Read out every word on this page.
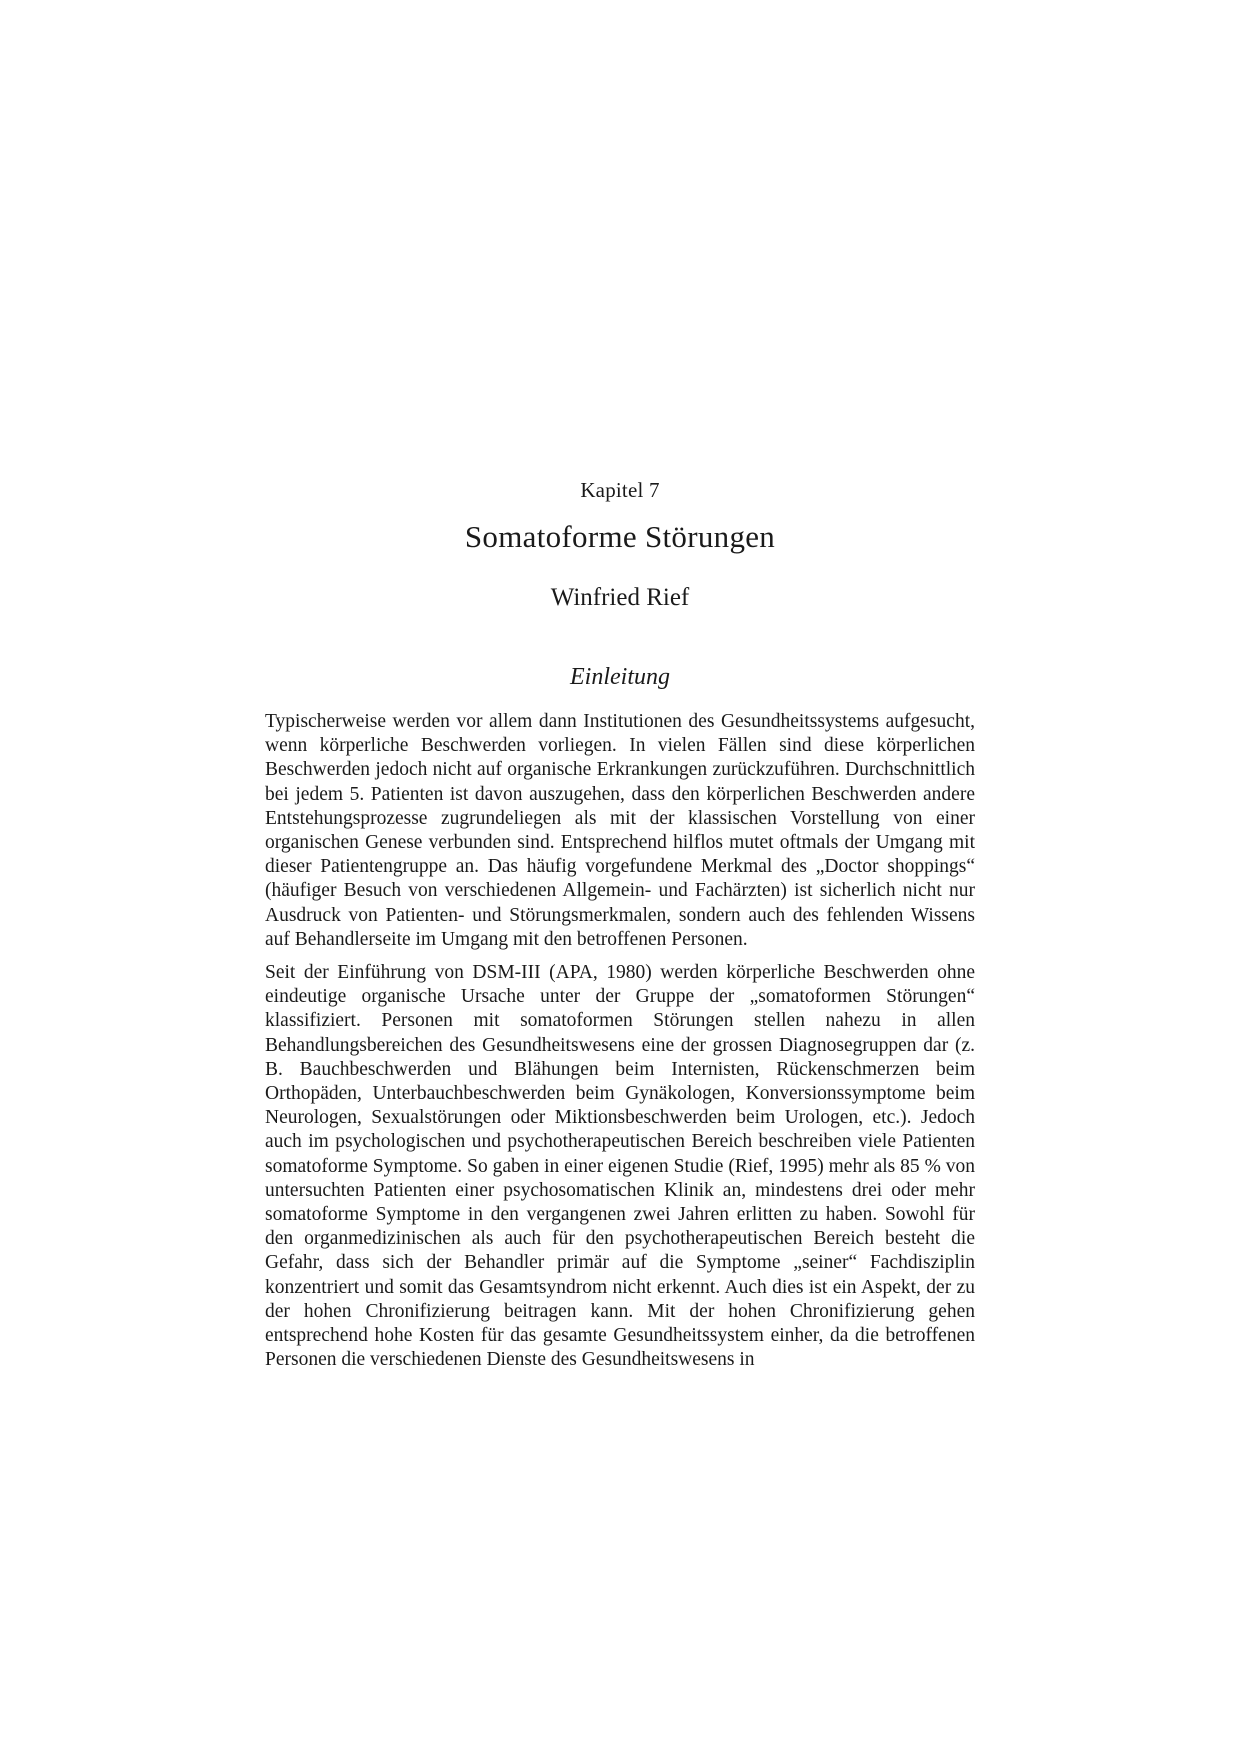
Kapitel 7
Somatoforme Störungen
Winfried Rief
Einleitung

Typischerweise werden vor allem dann Institutionen des Gesundheitssystems aufgesucht, wenn körperliche Beschwerden vorliegen. In vielen Fällen sind diese körperlichen Beschwerden jedoch nicht auf organische Erkrankungen zurückzuführen. Durchschnittlich bei jedem 5. Patienten ist davon auszugehen, dass den körperlichen Beschwerden andere Entstehungsprozesse zugrundeliegen als mit der klassischen Vorstellung von einer organischen Genese verbunden sind. Entsprechend hilflos mutet oftmals der Umgang mit dieser Patientengruppe an. Das häufig vorgefundene Merkmal des „Doctor shoppings“ (häufiger Besuch von verschiedenen Allgemein- und Fachärzten) ist sicherlich nicht nur Ausdruck von Patienten- und Störungsmerkmalen, sondern auch des fehlenden Wissens auf Behandlerseite im Umgang mit den betroffenen Personen.

Seit der Einführung von DSM-III (APA, 1980) werden körperliche Beschwerden ohne eindeutige organische Ursache unter der Gruppe der „somatoformen Störungen“ klassifiziert. Personen mit somatoformen Störungen stellen nahezu in allen Behandlungsbereichen des Gesundheitswesens eine der grossen Diagnosegruppen dar (z. B. Bauchbeschwerden und Blähungen beim Internisten, Rückenschmerzen beim Orthopäden, Unterbauchbeschwerden beim Gynäkologen, Konversionssymptome beim Neurologen, Sexualstörungen oder Miktionsbeschwerden beim Urologen, etc.). Jedoch auch im psychologischen und psychotherapeutischen Bereich beschreiben viele Patienten somatoforme Symptome. So gaben in einer eigenen Studie (Rief, 1995) mehr als 85 % von untersuchten Patienten einer psychosomatischen Klinik an, mindestens drei oder mehr somatoforme Symptome in den vergangenen zwei Jahren erlitten zu haben. Sowohl für den organmedizinischen als auch für den psychotherapeutischen Bereich besteht die Gefahr, dass sich der Behandler primär auf die Symptome „seiner“ Fachdisziplin konzentriert und somit das Gesamtsyndrom nicht erkennt. Auch dies ist ein Aspekt, der zu der hohen Chronifizierung beitragen kann. Mit der hohen Chronifizierung gehen entsprechend hohe Kosten für das gesamte Gesundheitssystem einher, da die betroffenen Personen die verschiedenen Dienste des Gesundheitswesens in
